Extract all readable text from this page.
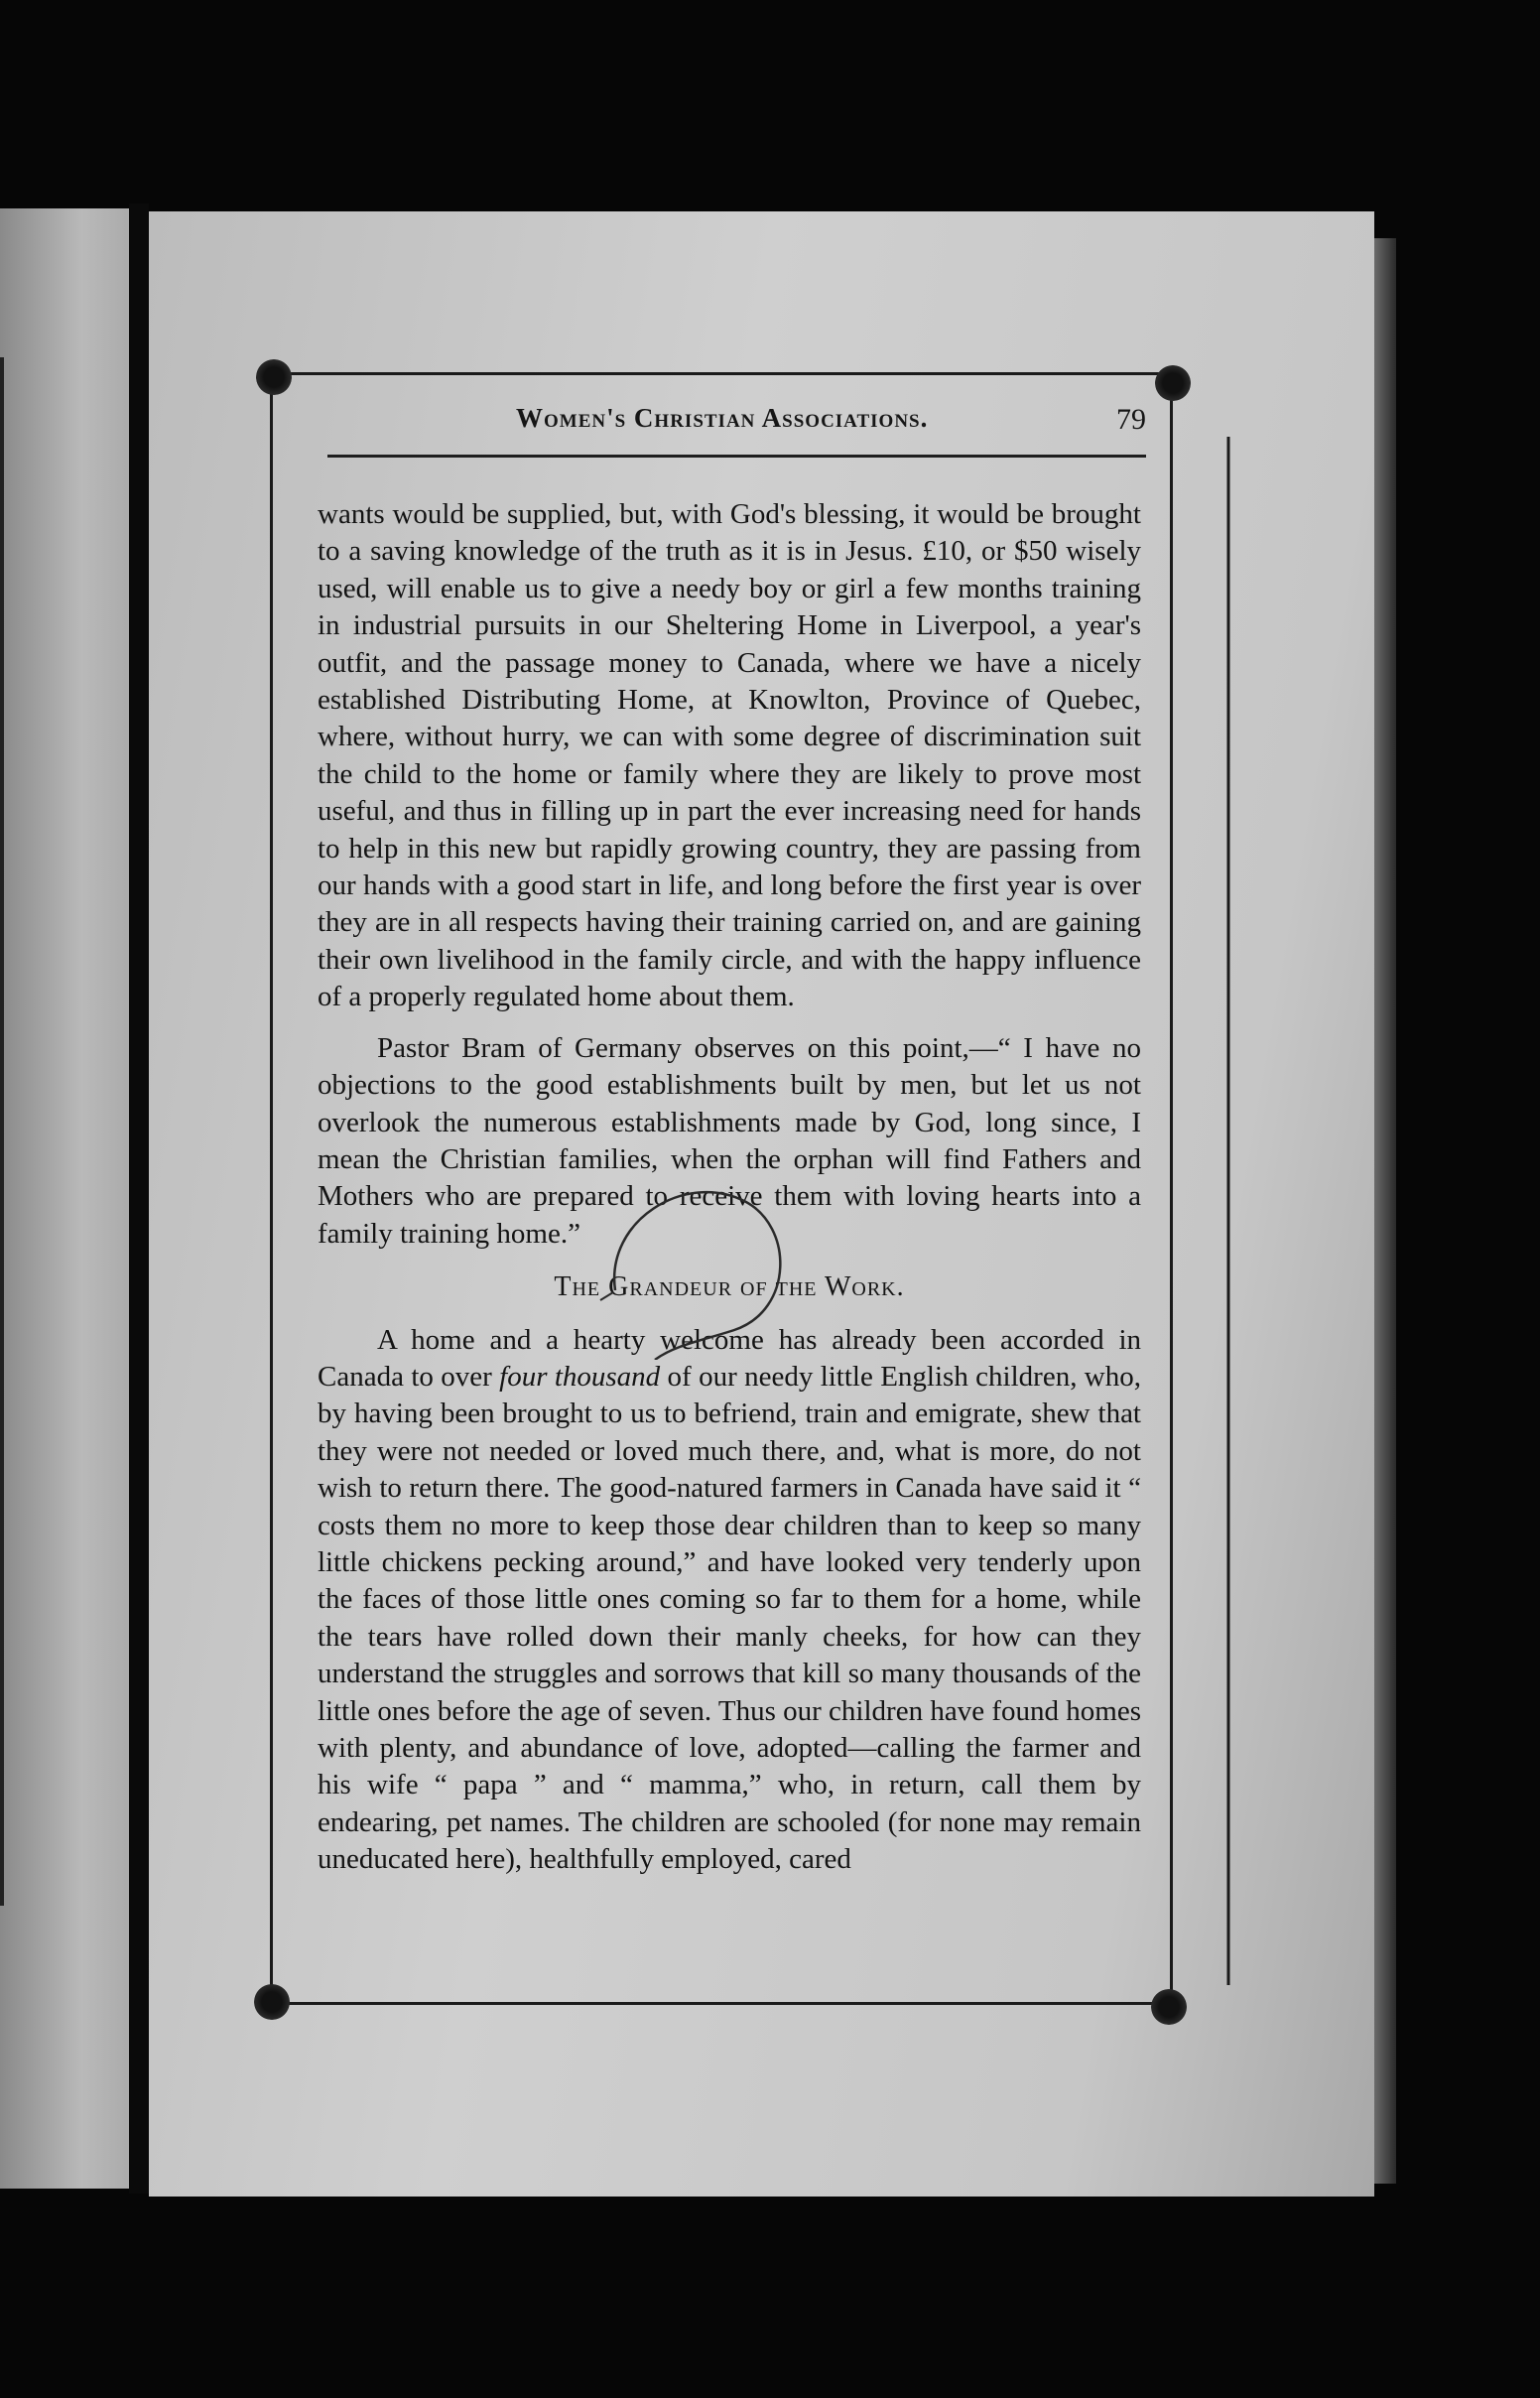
Women's Christian Associations.	79

wants would be supplied, but, with God's blessing, it would be brought to a saving knowledge of the truth as it is in Jesus. £10, or $50 wisely used, will enable us to give a needy boy or girl a few months training in industrial pursuits in our Sheltering Home in Liverpool, a year's outfit, and the passage money to Canada, where we have a nicely established Distributing Home, at Knowlton, Province of Quebec, where, without hurry, we can with some degree of discrimination suit the child to the home or family where they are likely to prove most useful, and thus in filling up in part the ever increasing need for hands to help in this new but rapidly growing country, they are passing from our hands with a good start in life, and long before the first year is over they are in all respects having their training carried on, and are gaining their own livelihood in the family circle, and with the happy influence of a properly regulated home about them.

Pastor Bram of Germany observes on this point,—“ I have no objections to the good establishments built by men, but let us not overlook the numerous establishments made by God, long since, I mean the Christian families, when the orphan will find Fathers and Mothers who are prepared to receive them with loving hearts into a family training home.”

The Grandeur of the Work.

A home and a hearty welcome has already been accorded in Canada to over four thousand of our needy little English children, who, by having been brought to us to befriend, train and emigrate, shew that they were not needed or loved much there, and, what is more, do not wish to return there. The good-natured farmers in Canada have said it “ costs them no more to keep those dear children than to keep so many little chickens pecking around,” and have looked very tenderly upon the faces of those little ones coming so far to them for a home, while the tears have rolled down their manly cheeks, for how can they understand the struggles and sorrows that kill so many thousands of the little ones before the age of seven. Thus our children have found homes with plenty, and abundance of love, adopted—calling the farmer and his wife “ papa ” and “ mamma,” who, in return, call them by endearing, pet names. The children are schooled (for none may remain uneducated here), healthfully employed, cared
